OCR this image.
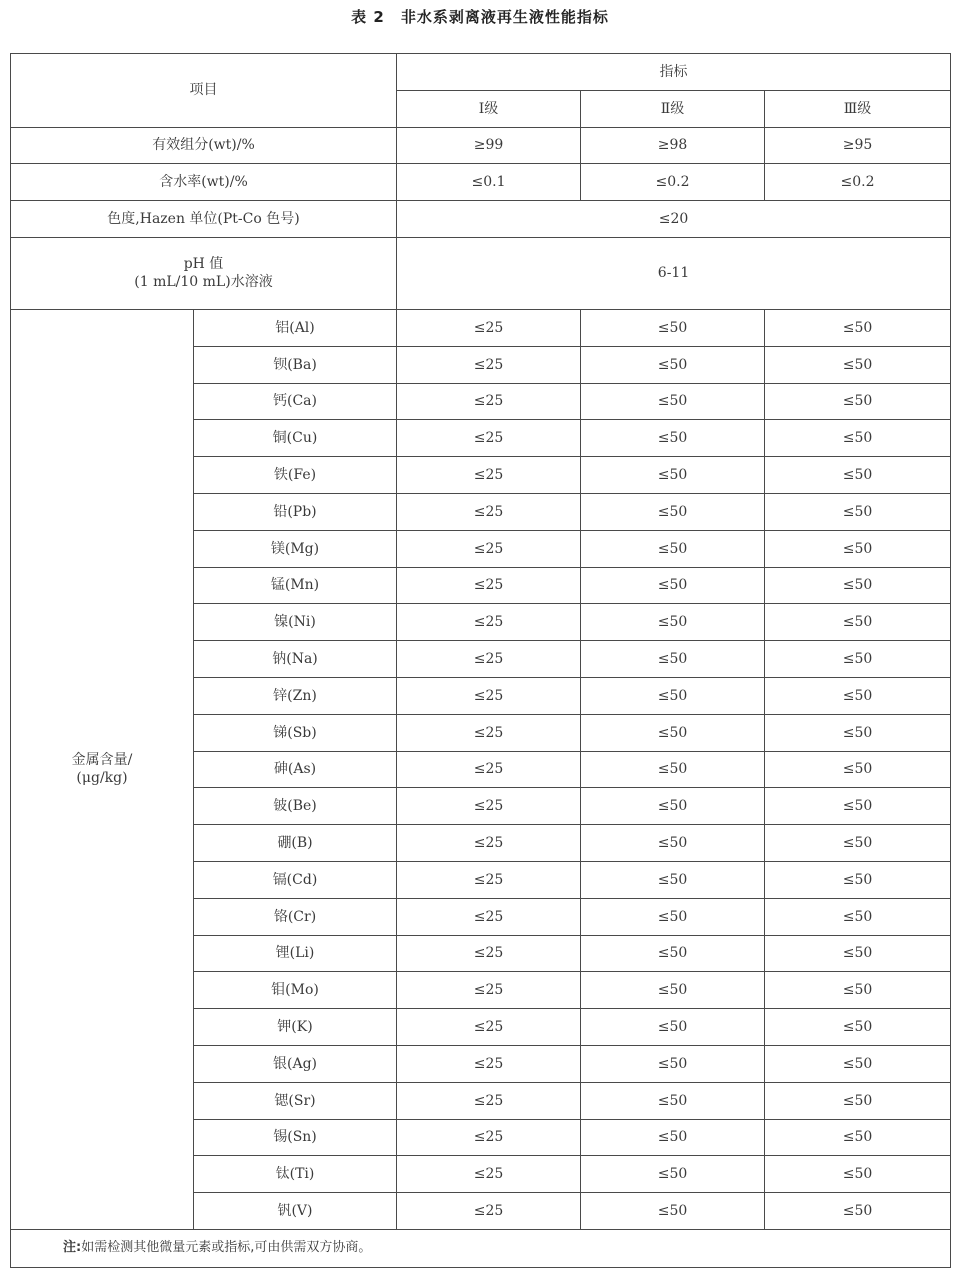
表 2 非水系剥离液再生液性能指标
项目		指标		
		Ⅰ级	Ⅱ级	Ⅲ级
有效组分(wt)/%		≥99	≥98	≥95
含水率(wt)/%		≤0.1	≤0.2	≤0.2
色度,Hazen 单位(Pt-Co 色号)		≤20		

pH 值
(1 mL/10 mL)水溶液		6-11		

金属含量/
(μg/kg)	铝(Al)	≤25	≤50	≤50
	钡(Ba)	≤25	≤50	≤50
	钙(Ca)	≤25	≤50	≤50
	铜(Cu)	≤25	≤50	≤50
	铁(Fe)	≤25	≤50	≤50
	铅(Pb)	≤25	≤50	≤50
	镁(Mg)	≤25	≤50	≤50
	锰(Mn)	≤25	≤50	≤50
	镍(Ni)	≤25	≤50	≤50
	钠(Na)	≤25	≤50	≤50
	锌(Zn)	≤25	≤50	≤50
	锑(Sb)	≤25	≤50	≤50
	砷(As)	≤25	≤50	≤50
	铍(Be)	≤25	≤50	≤50
	硼(B)	≤25	≤50	≤50
	镉(Cd)	≤25	≤50	≤50
	铬(Cr)	≤25	≤50	≤50
	锂(Li)	≤25	≤50	≤50
	钼(Mo)	≤25	≤50	≤50
	钾(K)	≤25	≤50	≤50
	银(Ag)	≤25	≤50	≤50
	锶(Sr)	≤25	≤50	≤50
	锡(Sn)	≤25	≤50	≤50
	钛(Ti)	≤25	≤50	≤50
	钒(V)	≤25	≤50	≤50
注:如需检测其他微量元素或指标,可由供需双方协商。				
